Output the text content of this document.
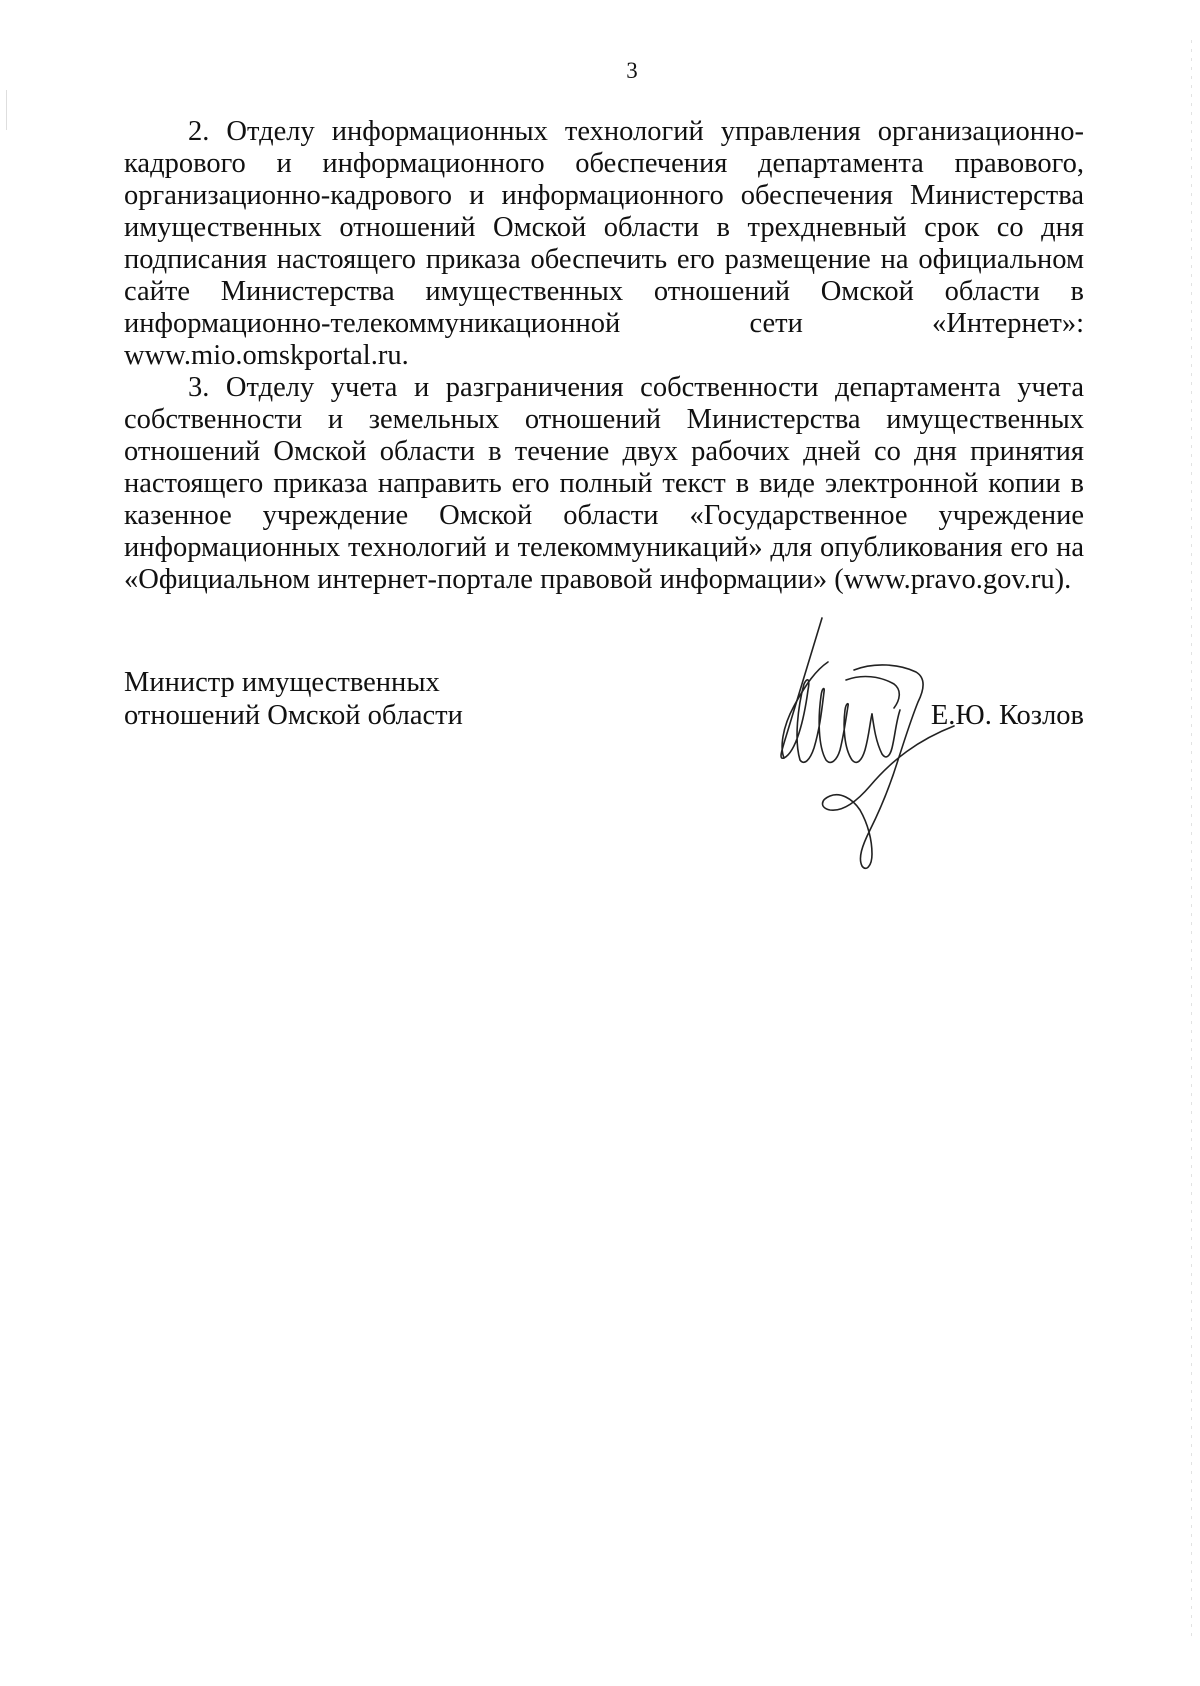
3

2. Отделу информационных технологий управления организационно-кадрового и информационного обеспечения департамента правового, организационно-кадрового и информационного обеспечения Министерства имущественных отношений Омской области в трехдневный срок со дня подписания настоящего приказа обеспечить его размещение на официальном сайте Министерства имущественных отношений Омской области в информационно-телекоммуникационной сети «Интернет»: www.mio.omskportal.ru.

3. Отделу учета и разграничения собственности департамента учета собственности и земельных отношений Министерства имущественных отношений Омской области в течение двух рабочих дней со дня принятия настоящего приказа направить его полный текст в виде электронной копии в казенное учреждение Омской области «Государственное учреждение информационных технологий и телекоммуникаций» для опубликования его на «Официальном интернет-портале правовой информации» (www.pravo.gov.ru).

Министр имущественных
отношений Омской области	Е.Ю. Козлов
